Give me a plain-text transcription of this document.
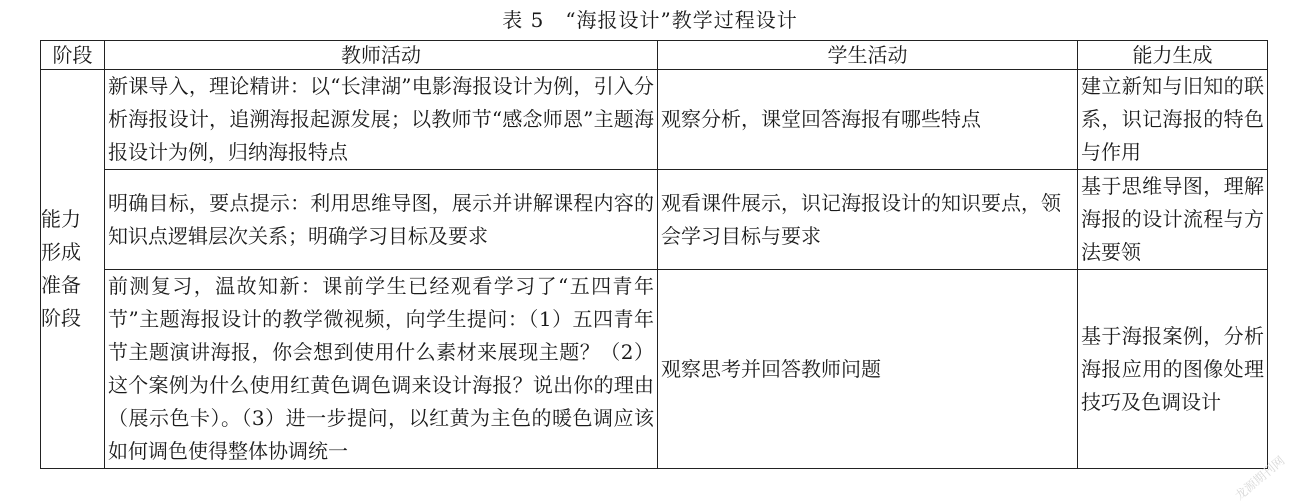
表 5　“海报设计”教学过程设计
阶段	教师活动	学生活动	能力生成

能力
形成
准备
阶段	新课导入，理论精讲：以“长津湖”电影海报设计为例，引入分析海报设计，追溯海报起源发展；以教师节“感念师恩”主题海报设计为例，归纳海报特点	观察分析，课堂回答海报有哪些特点	建立新知与旧知的联系，识记海报的特色与作用
	明确目标，要点提示：利用思维导图，展示并讲解课程内容的知识点逻辑层次关系；明确学习目标及要求	观看课件展示，识记海报设计的知识要点，领会学习目标与要求	基于思维导图，理解海报的设计流程与方法要领
	前测复习，温故知新：课前学生已经观看学习了“五四青年节”主题海报设计的教学微视频，向学生提问：（1）五四青年节主题演讲海报，你会想到使用什么素材来展现主题？（2）这个案例为什么使用红黄色调色调来设计海报？说出你的理由（展示色卡）。（3）进一步提问，以红黄为主色的暖色调应该如何调色使得整体协调统一	观察思考并回答教师问题	基于海报案例，分析海报应用的图像处理技巧及色调设计
龙源期刊网
